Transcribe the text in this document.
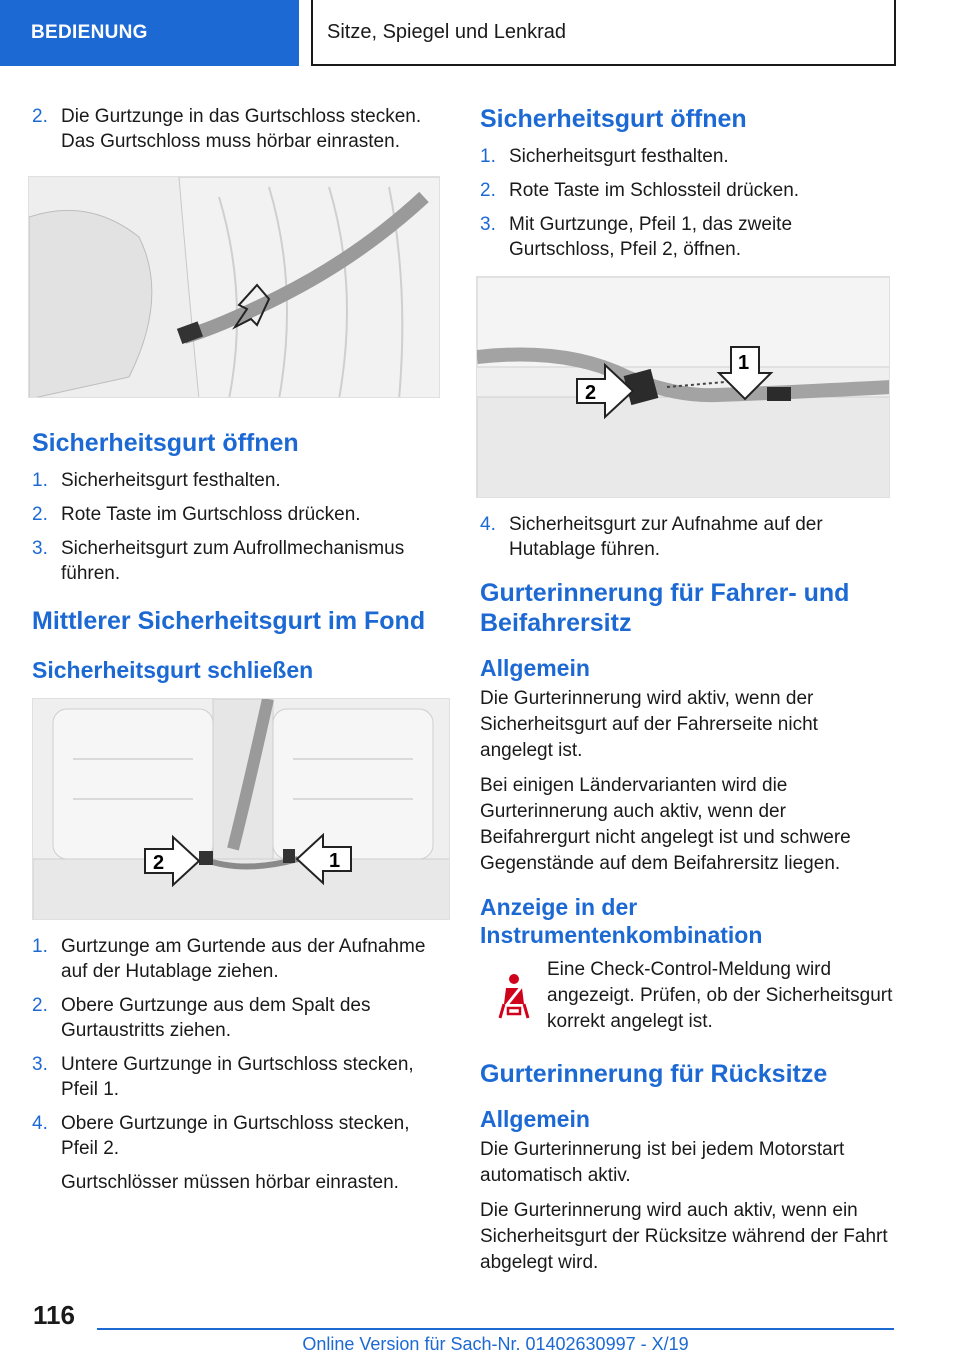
BEDIENUNG	Sitze, Spiegel und Lenkrad
2. Die Gurtzunge in das Gurtschloss stecken. Das Gurtschloss muss hörbar einrasten.
Sicherheitsgurt öffnen
1. Sicherheitsgurt festhalten.
2. Rote Taste im Gurtschloss drücken.
3. Sicherheitsgurt zum Aufrollmechanismus führen.
Mittlerer Sicherheitsgurt im Fond
Sicherheitsgurt schließen
2	1
1. Gurtzunge am Gurtende aus der Aufnahme auf der Hutablage ziehen.
2. Obere Gurtzunge aus dem Spalt des Gurtaustritts ziehen.
3. Untere Gurtzunge in Gurtschloss stecken, Pfeil 1.
4. Obere Gurtzunge in Gurtschloss stecken, Pfeil 2.
Gurtschlösser müssen hörbar einrasten.
Sicherheitsgurt öffnen
1. Sicherheitsgurt festhalten.
2. Rote Taste im Schlossteil drücken.
3. Mit Gurtzunge, Pfeil 1, das zweite Gurtschloss, Pfeil 2, öffnen.
2
1
4. Sicherheitsgurt zur Aufnahme auf der Hutablage führen.
Gurterinnerung für Fahrer- und Beifahrersitz
Allgemein

Die Gurterinnerung wird aktiv, wenn der Sicherheitsgurt auf der Fahrerseite nicht angelegt ist.

Bei einigen Ländervarianten wird die Gurterinnerung auch aktiv, wenn der Beifahrergurt nicht angelegt ist und schwere Gegenstände auf dem Beifahrersitz liegen.

Anzeige in der Instrumentenkombination

Eine Check-Control-Meldung wird angezeigt. Prüfen, ob der Sicherheitsgurt korrekt angelegt ist.

Gurterinnerung für Rücksitze
Allgemein

Die Gurterinnerung ist bei jedem Motorstart automatisch aktiv.

Die Gurterinnerung wird auch aktiv, wenn ein Sicherheitsgurt der Rücksitze während der Fahrt abgelegt wird.

116
Online Version für Sach-Nr. 01402630997 - X/19
